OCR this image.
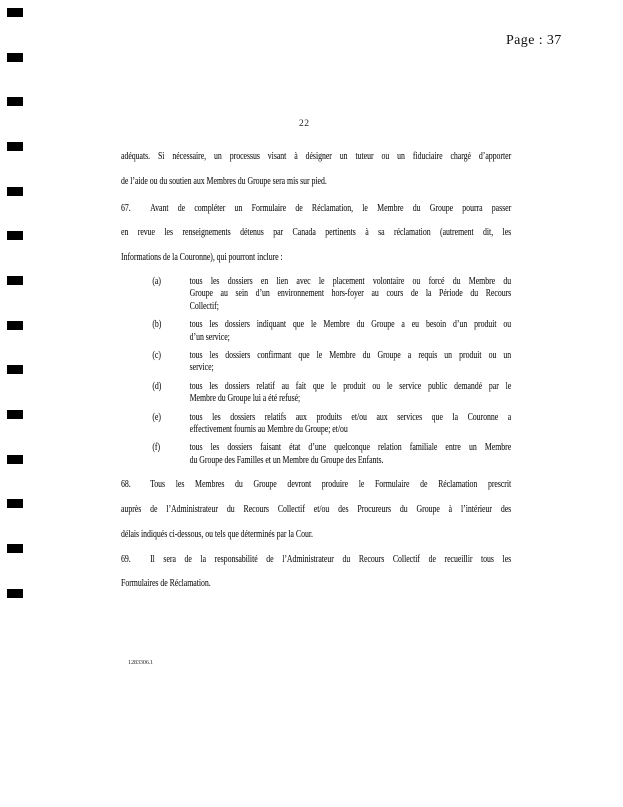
Page : 37
22
adéquats. Si nécessaire, un processus visant à désigner un tuteur ou un fiduciaire chargé d’apporter
de l’aide ou du soutien aux Membres du Groupe sera mis sur pied.
67. Avant de compléter un Formulaire de Réclamation, le Membre du Groupe pourra passer
en revue les renseignements détenus par Canada pertinents à sa réclamation (autrement dit, les
Informations de la Couronne), qui pourront inclure :
(a)	tous les dossiers en lien avec le placement volontaire ou forcé du Membre du
Groupe au sein d’un environnement hors-foyer au cours de la Période du Recours
Collectif;
(b)	tous les dossiers indiquant que le Membre du Groupe a eu besoin d’un produit ou
d’un service;
(c)	tous les dossiers confirmant que le Membre du Groupe a requis un produit ou un
service;
(d)	tous les dossiers relatif au fait que le produit ou le service public demandé par le
Membre du Groupe lui a été refusé;
(e)	tous les dossiers relatifs aux produits et/ou aux services que la Couronne a
effectivement fournis au Membre du Groupe; et/ou
(f)	tous les dossiers faisant état d’une quelconque relation familiale entre un Membre
du Groupe des Familles et un Membre du Groupe des Enfants.
68. Tous les Membres du Groupe devront produire le Formulaire de Réclamation prescrit
auprès de l’Administrateur du Recours Collectif et/ou des Procureurs du Groupe à l’intérieur des
délais indiqués ci-dessous, ou tels que déterminés par la Cour.
69. Il sera de la responsabilité de l’Administrateur du Recours Collectif de recueillir tous les
Formulaires de Réclamation.
1283306.1
